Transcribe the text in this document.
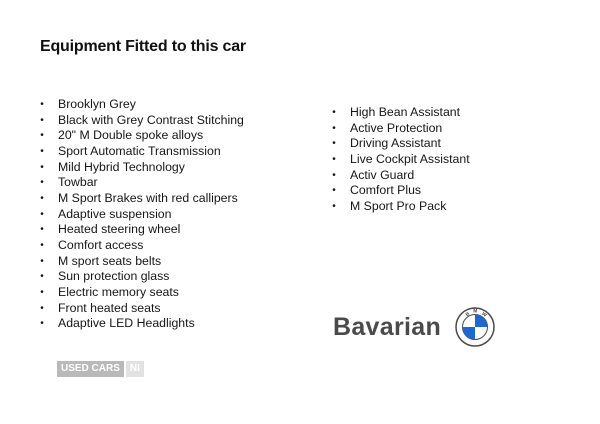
Equipment Fitted to this car
• Brooklyn Grey
• Black with Grey Contrast Stitching
• 20" M Double spoke alloys
• Sport Automatic Transmission
• Mild Hybrid Technology
• Towbar
• M Sport Brakes with red callipers
• Adaptive suspension
• Heated steering wheel
• Comfort access
• M sport seats belts
• Sun protection glass
• Electric memory seats
• Front heated seats
• Adaptive LED Headlights
• High Bean Assistant
• Active Protection
• Driving Assistant
• Live Cockpit Assistant
• Activ Guard
• Comfort Plus
• M Sport Pro Pack
Bavarian	B M W
USED CARS	NI
